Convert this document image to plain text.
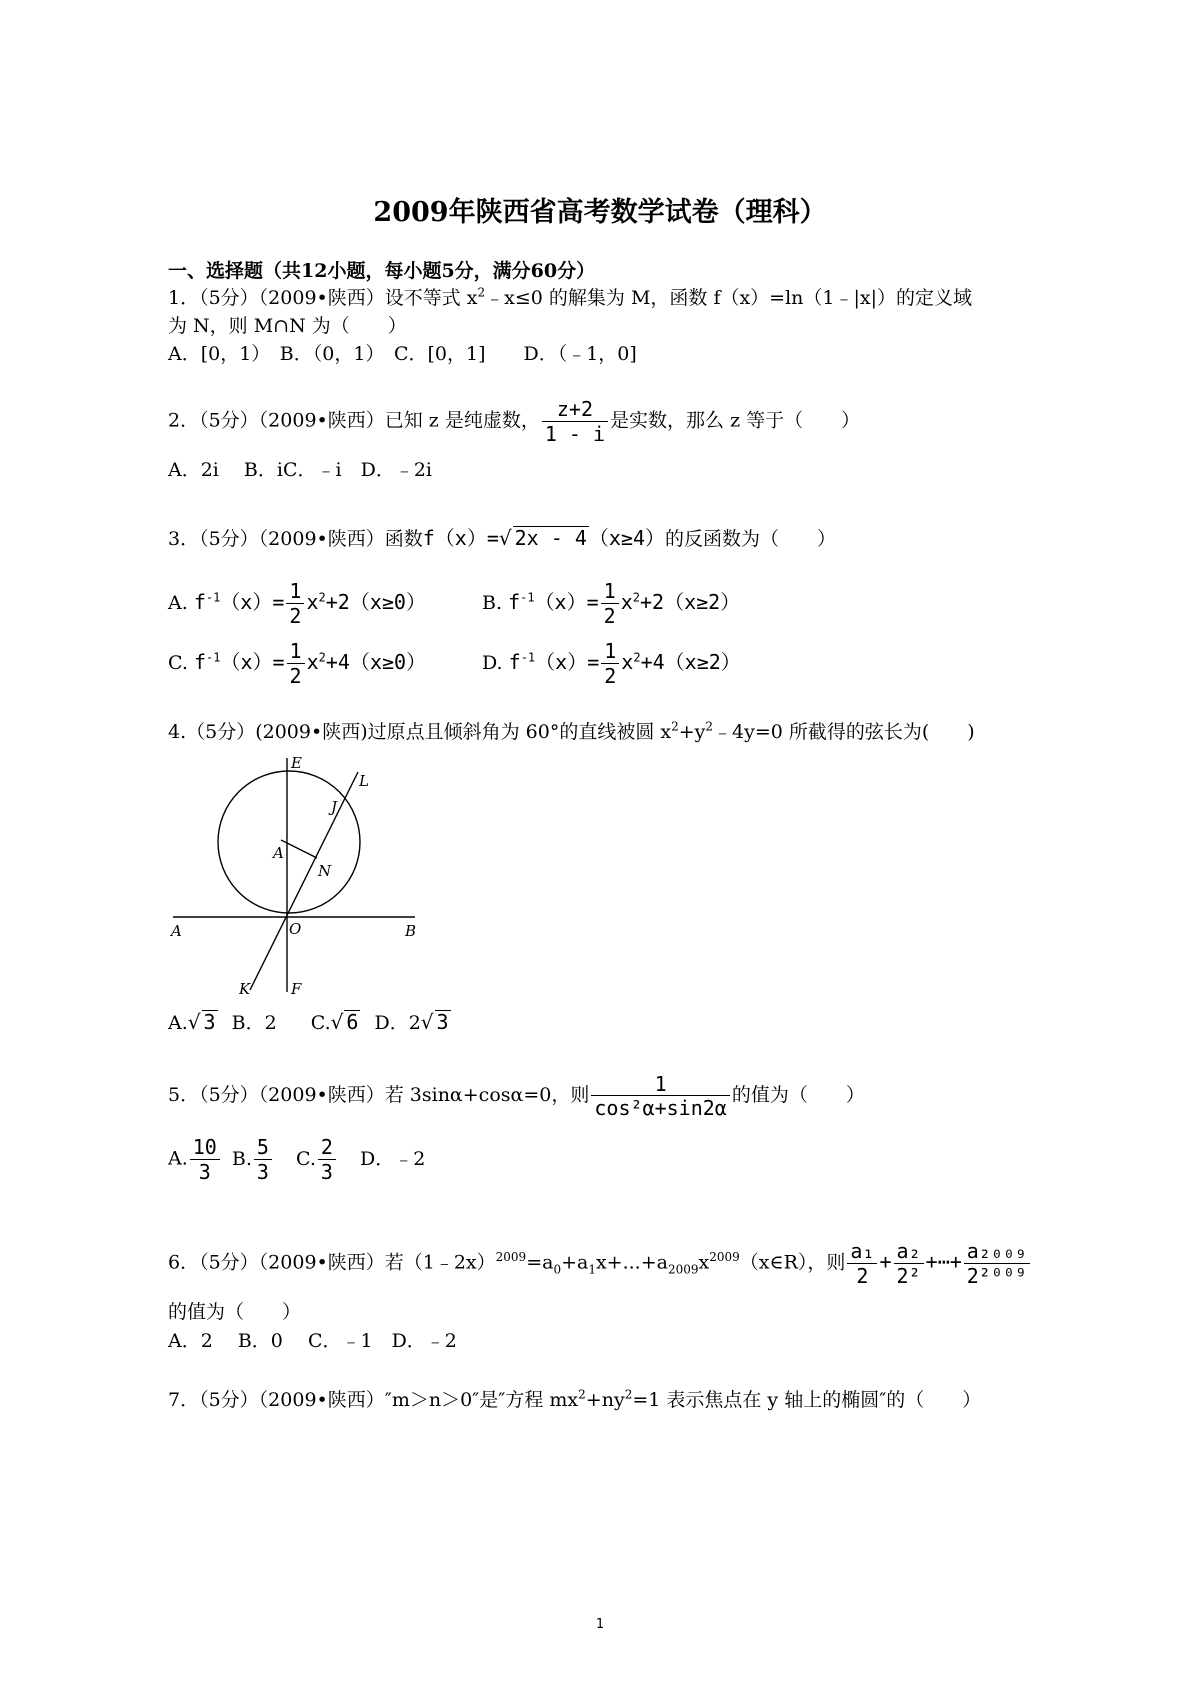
2009年陕西省高考数学试卷（理科）
一、选择题（共12小题，每小题5分，满分60分）
1．（5分）（2009•陕西）设不等式 $x^2﹣x\le 0$ 的解集为 M，函数 f（x）=ln（1﹣|x|）的定义域
为 N，则 M∩N 为（　　）
A．[0，1）　B．（0，1）　C．[0，1]　　D．（﹣1，0]
2．（5分）（2009•陕西）已知 z 是纯虚数， $\frac{z+2}{1 - i}$ 是实数，那么 z 等于（　　）
A．2i　 B．iC．﹣i　D．﹣2i
3．（5分）（2009•陕西）函数f（x）=√ 2x - 4 （x≥4）的反函数为（　　）
A. $f^{-1}(x)= \frac{1}{2} x^2+2(x\ge 0)$	B. $f^{-1}(x)= \frac{1}{2} x^2+2(x\ge 2)$
C. $f^{-1}(x)= \frac{1}{2} x^2+4(x\ge 0)$	D. $f^{-1}(x)= \frac{1}{2} x^2+4(x\ge 2)$
4.（5分）(2009•陕西)过原点且倾斜角为 60°的直线被圆 $x^2+y^2﹣4y=0$ 所截得的弦长为(　　)
E
L
J
A
N
A	O	B
K	F
A.√ 3 B．2 C.√ 6 D．2√ 3
5．（5分）（2009•陕西）若 3sinα+cosα=0，则 $\frac{1}{\text{cos²α+sin2α}}$ 的值为（　　）
A. $\frac{10}{3} B$. $\frac{5}{3} C$. $\frac{2}{3}$ D．﹣2
6．（5分）（2009•陕西）若$(1﹣2x)^{2009}=a_0+a_1x+...+a_{2009}x^{2009}(x\in R)$，则 $\frac{\text{a₁}}{2} + \frac{\text{a₂}}{\text{2²}}$ +⋯+ $\frac{\text{a₂₀₀₉}}{\text{2²⁰⁰⁹}}$
的值为（　　）
A．2　 B．0　 C．﹣1　D．﹣2
7．（5分）（2009•陕西）″m＞n＞0″是″方程 $mx^2+ny^2=1$ 表示焦点在 y 轴上的椭圆″的（　　）
1
